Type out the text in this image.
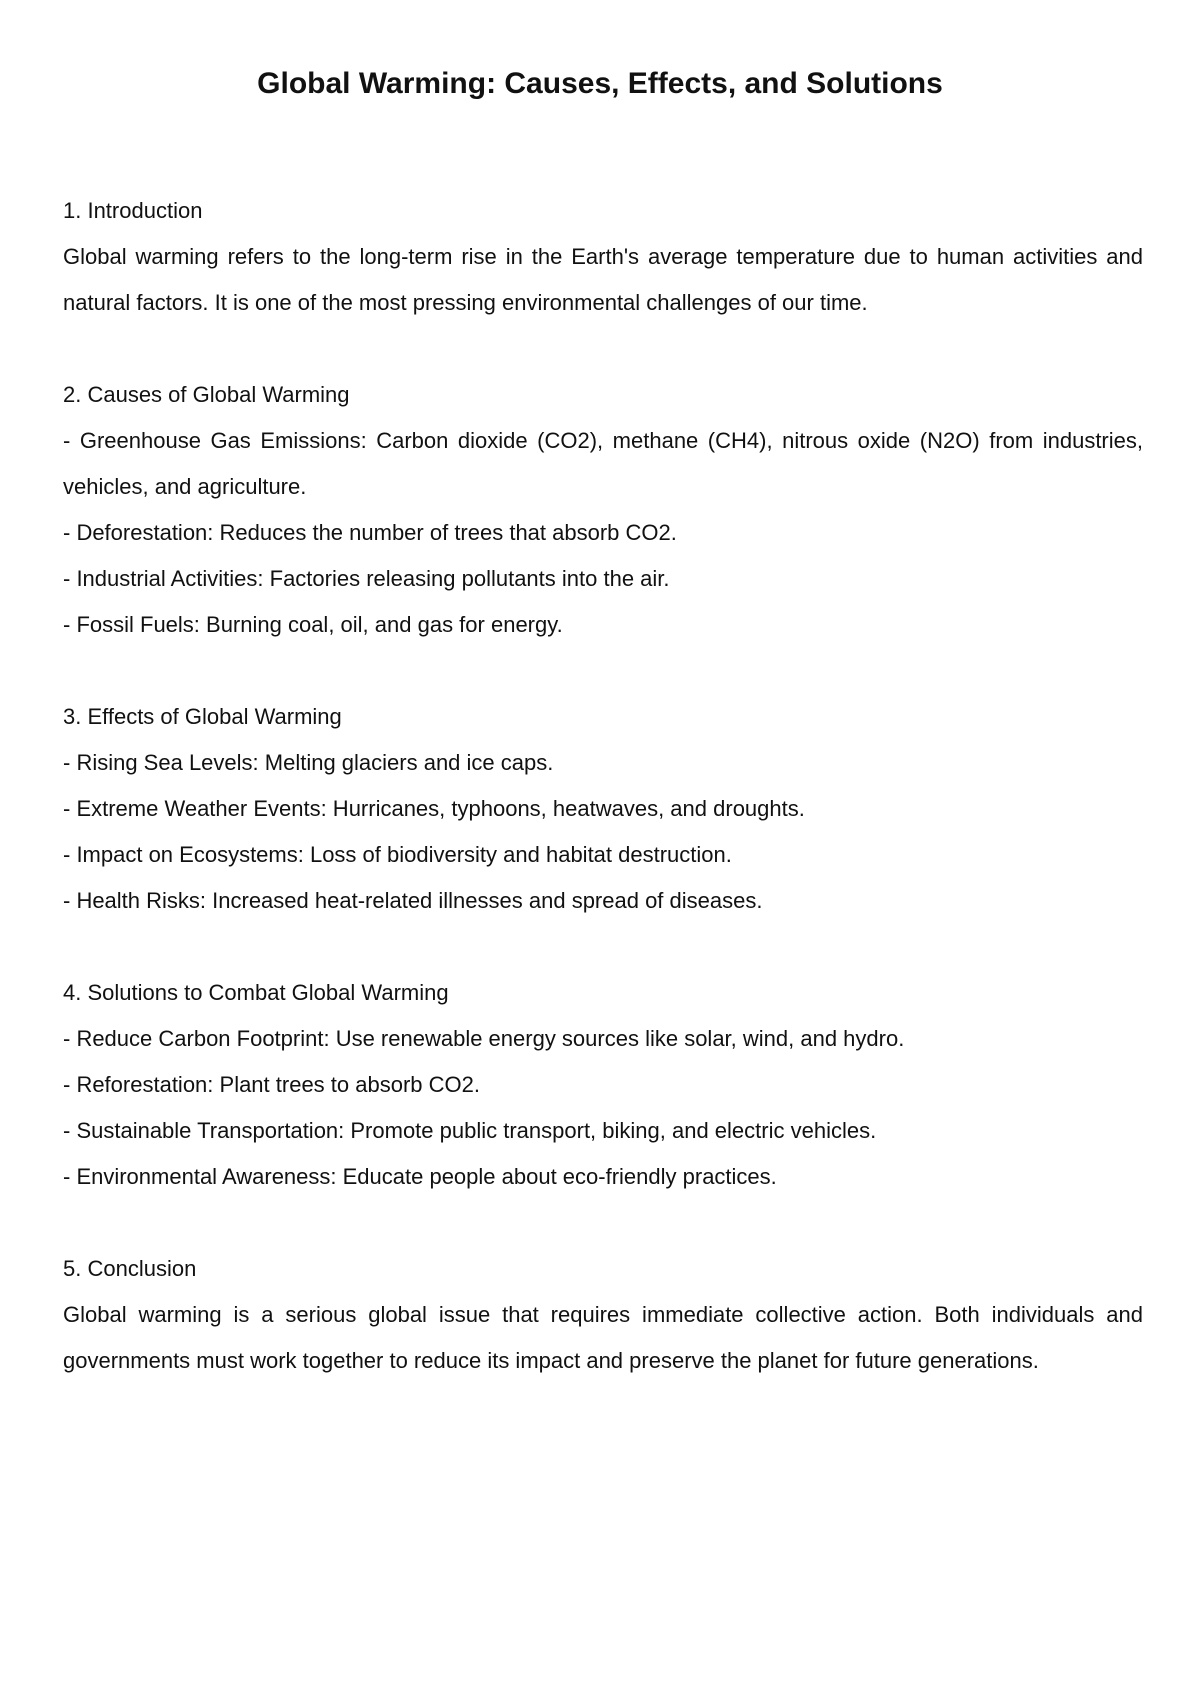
Global Warming: Causes, Effects, and Solutions

1. Introduction

Global warming refers to the long-term rise in the Earth's average temperature due to human activities and natural factors. It is one of the most pressing environmental challenges of our time.

2. Causes of Global Warming

- Greenhouse Gas Emissions: Carbon dioxide (CO2), methane (CH4), nitrous oxide (N2O) from industries, vehicles, and agriculture.

- Deforestation: Reduces the number of trees that absorb CO2.

- Industrial Activities: Factories releasing pollutants into the air.

- Fossil Fuels: Burning coal, oil, and gas for energy.

3. Effects of Global Warming

- Rising Sea Levels: Melting glaciers and ice caps.

- Extreme Weather Events: Hurricanes, typhoons, heatwaves, and droughts.

- Impact on Ecosystems: Loss of biodiversity and habitat destruction.

- Health Risks: Increased heat-related illnesses and spread of diseases.

4. Solutions to Combat Global Warming

- Reduce Carbon Footprint: Use renewable energy sources like solar, wind, and hydro.

- Reforestation: Plant trees to absorb CO2.

- Sustainable Transportation: Promote public transport, biking, and electric vehicles.

- Environmental Awareness: Educate people about eco-friendly practices.

5. Conclusion

Global warming is a serious global issue that requires immediate collective action. Both individuals and governments must work together to reduce its impact and preserve the planet for future generations.
